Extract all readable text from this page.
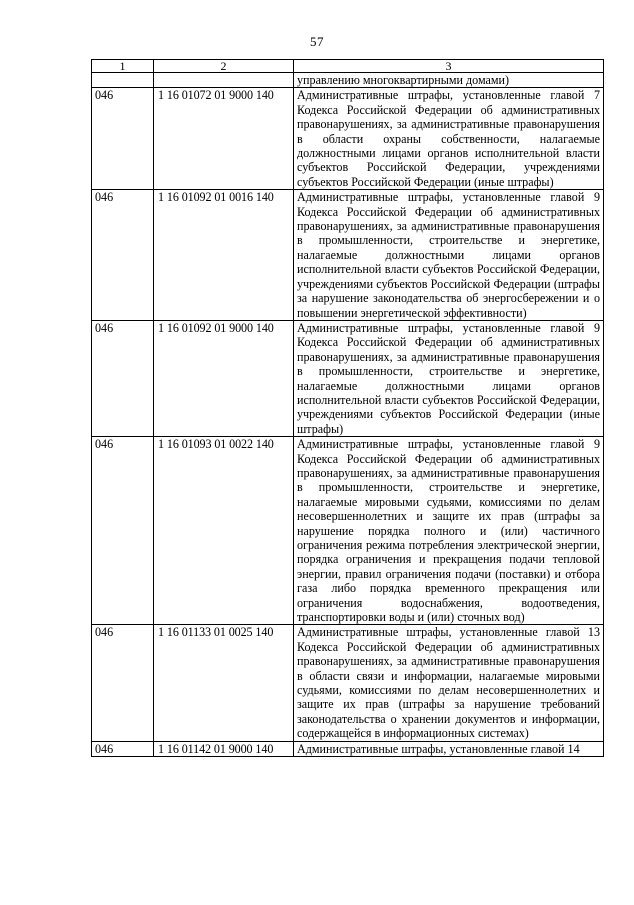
57
1	2	3
		управлению многоквартирными домами)
046	1 16 01072 01 9000 140	Административные штрафы, установленные главой 7 Кодекса Российской Федерации об административных правонарушениях, за административные правонарушения в области охраны собственности, налагаемые должностными лицами органов исполнительной власти субъектов Российской Федерации, учреждениями субъектов Российской Федерации (иные штрафы)
046	1 16 01092 01 0016 140	Административные штрафы, установленные главой 9 Кодекса Российской Федерации об административных правонарушениях, за административные правонарушения в промышленности, строительстве и энергетике, налагаемые должностными лицами органов исполнительной власти субъектов Российской Федерации, учреждениями субъектов Российской Федерации (штрафы за нарушение законодательства об энергосбережении и о повышении энергетической эффективности)
046	1 16 01092 01 9000 140	Административные штрафы, установленные главой 9 Кодекса Российской Федерации об административных правонарушениях, за административные правонарушения в промышленности, строительстве и энергетике, налагаемые должностными лицами органов исполнительной власти субъектов Российской Федерации, учреждениями субъектов Российской Федерации (иные штрафы)
046	1 16 01093 01 0022 140	Административные штрафы, установленные главой 9 Кодекса Российской Федерации об административных правонарушениях, за административные правонарушения в промышленности, строительстве и энергетике, налагаемые мировыми судьями, комиссиями по делам несовершеннолетних и защите их прав (штрафы за нарушение порядка полного и (или) частичного ограничения режима потребления электрической энергии, порядка ограничения и прекращения подачи тепловой энергии, правил ограничения подачи (поставки) и отбора газа либо порядка временного прекращения или ограничения водоснабжения, водоотведения, транспортировки воды и (или) сточных вод)
046	1 16 01133 01 0025 140	Административные штрафы, установленные главой 13 Кодекса Российской Федерации об административных правонарушениях, за административные правонарушения в области связи и информации, налагаемые мировыми судьями, комиссиями по делам несовершеннолетних и защите их прав (штрафы за нарушение требований законодательства о хранении документов и информации, содержащейся в информационных системах)
046	1 16 01142 01 9000 140	Административные штрафы, установленные главой 14
